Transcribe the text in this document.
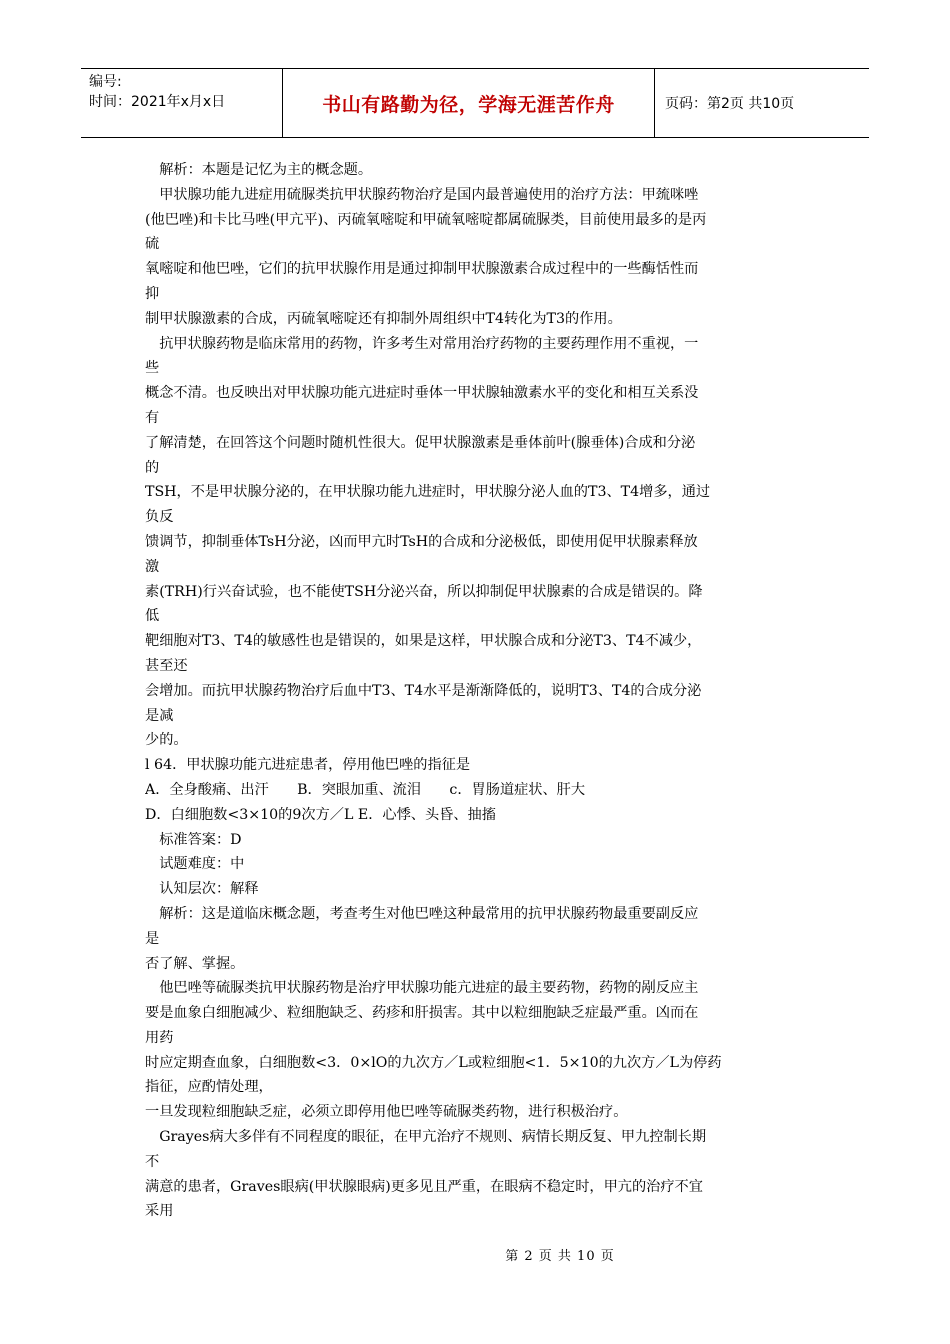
编号:
时间：2021年x月x日	书山有路勤为径，学海无涯苦作舟	页码：第2页 共10页

　解析：本题是记忆为主的概念题。

　甲状腺功能九进症用硫脲类抗甲状腺药物治疗是国内最普遍使用的治疗方法：甲巯咪唑

(他巴唑)和卡比马唑(甲亢平)、丙硫氧嘧啶和甲硫氧嘧啶都属硫脲类，目前使用最多的是丙

硫

氧嘧啶和他巴唑，它们的抗甲状腺作用是通过抑制甲状腺激素合成过程中的一些酶恬性而

抑

制甲状腺激素的合成，丙硫氧嘧啶还有抑制外周组织中T4转化为T3的作用。

　抗甲状腺药物是临床常用的药物，许多考生对常用治疗药物的主要药理作用不重视，一

些

概念不清。也反映出对甲状腺功能亢进症时垂体一甲状腺轴激素水平的变化和相互关系没

有

了解清楚，在回答这个问题时随机性很大。促甲状腺激素是垂体前叶(腺垂体)合成和分泌

的

TSH，不是甲状腺分泌的，在甲状腺功能九进症时，甲状腺分泌人血的T3、T4增多，通过

负反

馈调节，抑制垂体TsH分泌，凶而甲亢时TsH的合成和分泌极低，即使用促甲状腺素释放

激

素(TRH)行兴奋试验，也不能使TSH分泌兴奋，所以抑制促甲状腺素的合成是错误的。降

低

靶细胞对T3、T4的敏感性也是错误的，如果是这样，甲状腺合成和分泌T3、T4不减少，

甚至还

会增加。而抗甲状腺药物治疗后血中T3、T4水平是渐渐降低的，说明T3、T4的合成分泌

是减

少的。

l 64．甲状腺功能亢进症患者，停用他巴唑的指征是

A．全身酸痛、出汗　　B．突眼加重、流泪　　c．胃肠道症状、肝大

D．白细胞数<3×10的9次方／L E．心悸、头昏、抽搐

　标准答案：D

　试题难度：中

　认知层次：解释

　解析：这是道临床概念题，考查考生对他巴唑这种最常用的抗甲状腺药物最重要副反应

是

否了解、掌握。

　他巴唑等硫脲类抗甲状腺药物是治疗甲状腺功能亢进症的最主要药物，药物的剐反应主

要是血象白细胞减少、粒细胞缺乏、药疹和肝损害。其中以粒细胞缺乏症最严重。凶而在

用药

时应定期查血象，白细胞数<3．0×lO的九次方／L或粒细胞<1．5×10的九次方／L为停药

指征，应酌情处理，

一旦发现粒细胞缺乏症，必须立即停用他巴唑等硫脲类药物，进行积极治疗。

　Grayes病大多伴有不同程度的眼征，在甲亢治疗不规则、病情长期反复、甲九控制长期

不

满意的患者，Graves眼病(甲状腺眼病)更多见且严重，在眼病不稳定时，甲亢的治疗不宜

采用

第 2 页 共 10 页
